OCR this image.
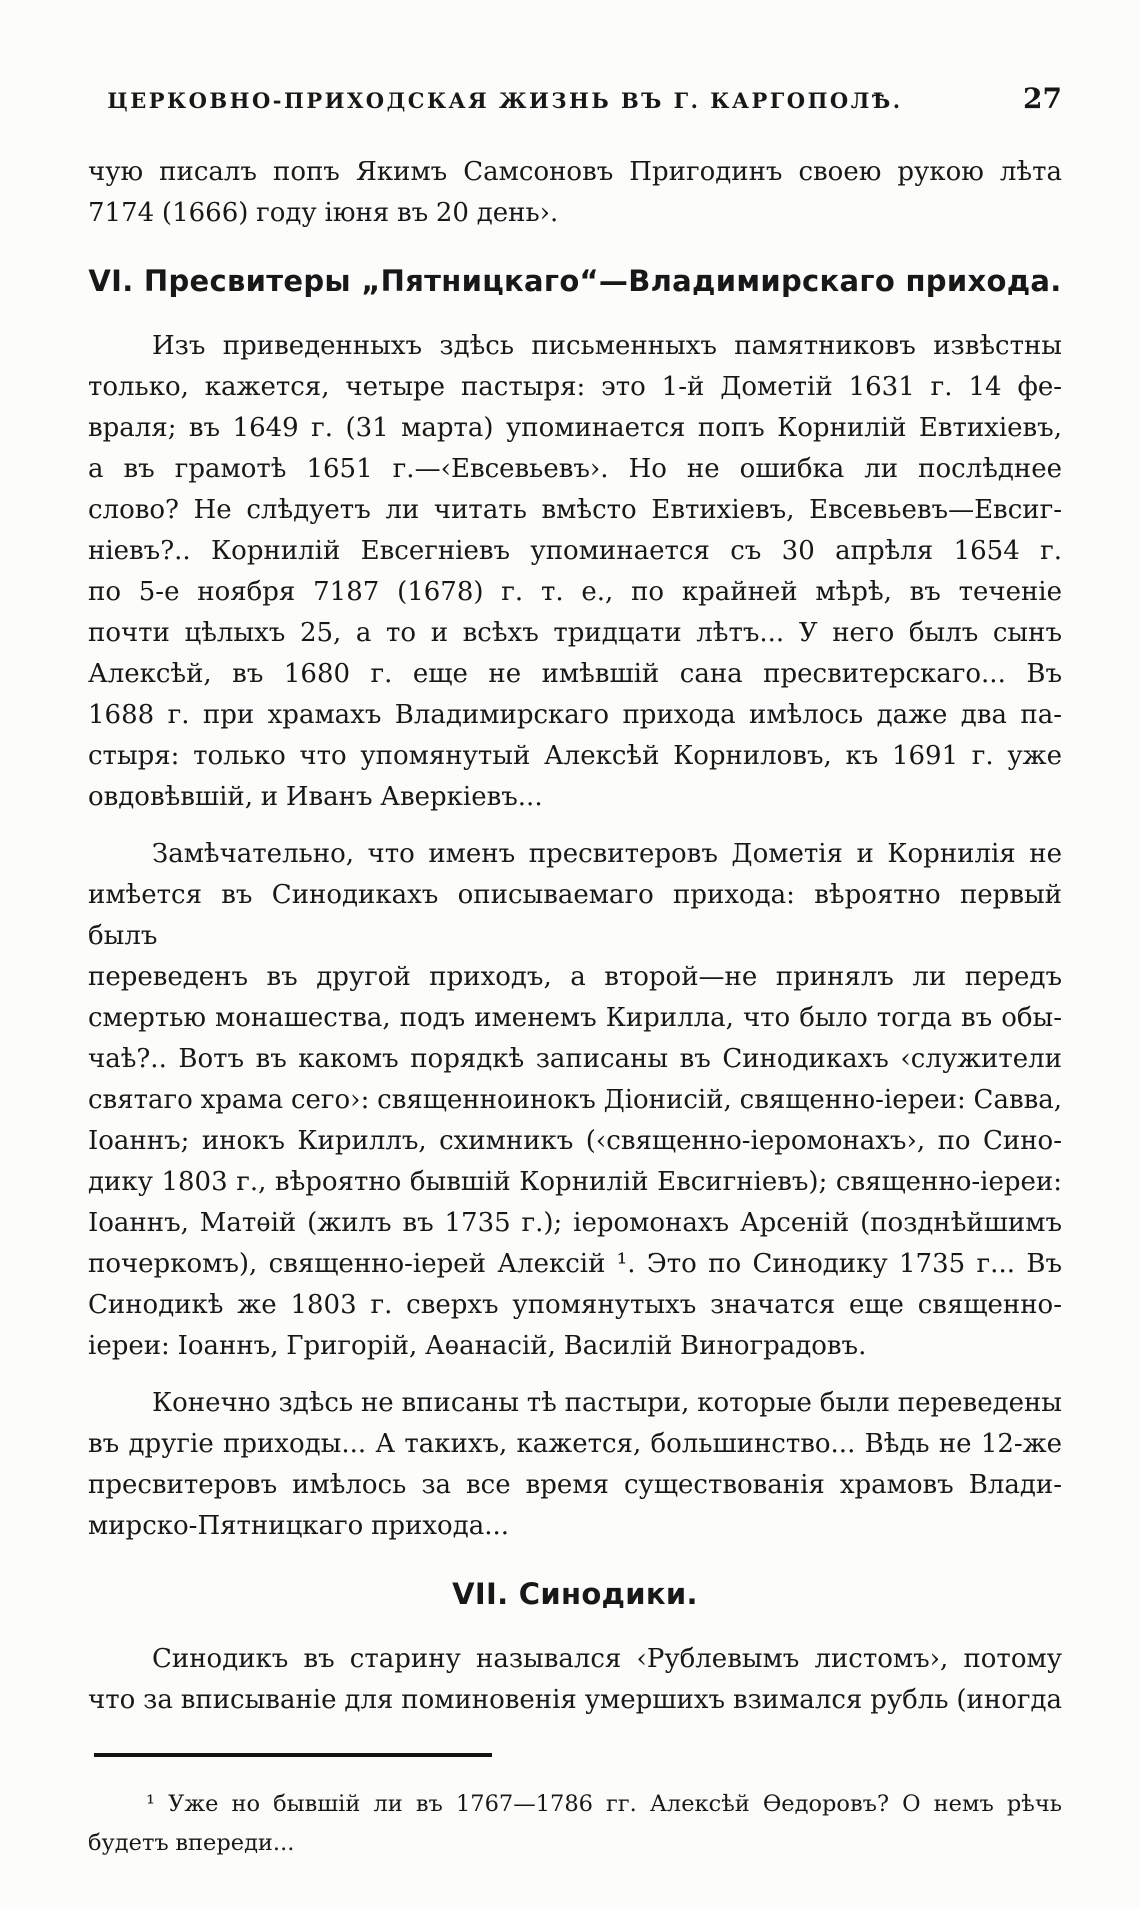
ЦЕРКОВНО-ПРИХОДСКАЯ ЖИЗНЬ ВЪ Г. КАРГОПОЛѢ.	27

чую писалъ попъ Якимъ Самсоновъ Пригодинъ своею рукою лѣта
7174 (1666) году іюня въ 20 день›.

VI. Пресвитеры „Пятницкаго“—Владимирскаго прихода.

Изъ приведенныхъ здѣсь письменныхъ памятниковъ извѣстны
только, кажется, четыре пастыря: это 1-й Дометій 1631 г. 14 фе-
враля; въ 1649 г. (31 марта) упоминается попъ Корнилій Евтихіевъ,
а въ грамотѣ 1651 г.—‹Евсевьевъ›. Но не ошибка ли послѣднее
слово? Не слѣдуетъ ли читать вмѣсто Евтихіевъ, Евсевьевъ—Евсиг-
ніевъ?.. Корнилій Евсегніевъ упоминается съ 30 апрѣля 1654 г.
по 5-е ноября 7187 (1678) г. т. е., по крайней мѣрѣ, въ теченіе
почти цѣлыхъ 25, а то и всѣхъ тридцати лѣтъ... У него былъ сынъ
Алексѣй, въ 1680 г. еще не имѣвшій сана пресвитерскаго... Въ
1688 г. при храмахъ Владимирскаго прихода имѣлось даже два па-
стыря: только что упомянутый Алексѣй Корниловъ, къ 1691 г. уже
овдовѣвшій, и Иванъ Аверкіевъ...

Замѣчательно, что именъ пресвитеровъ Дометія и Корнилія не
имѣется въ Синодикахъ описываемаго прихода: вѣроятно первый былъ
переведенъ въ другой приходъ, а второй—не принялъ ли передъ
смертью монашества, подъ именемъ Кирилла, что было тогда въ обы-
чаѣ?.. Вотъ въ какомъ порядкѣ записаны въ Синодикахъ ‹служители
святаго храма сего›: священноинокъ Діонисій, священно-іереи: Савва,
Іоаннъ; инокъ Кириллъ, схимникъ (‹священно-іеромонахъ›, по Сино-
дику 1803 г., вѣроятно бывшій Корнилій Евсигніевъ); священно-іереи:
Іоаннъ, Матѳій (жилъ въ 1735 г.); іеромонахъ Арсеній (позднѣйшимъ
почеркомъ), священно-іерей Алексій ¹. Это по Синодику 1735 г... Въ
Синодикѣ же 1803 г. сверхъ упомянутыхъ значатся еще священно-
іереи: Іоаннъ, Григорій, Аѳанасій, Василій Виноградовъ.

Конечно здѣсь не вписаны тѣ пастыри, которые были переведены
въ другіе приходы... А такихъ, кажется, большинство... Вѣдь не 12-же
пресвитеровъ имѣлось за все время существованія храмовъ Влади-
мирско-Пятницкаго прихода...

VII. Синодики.

Синодикъ въ старину назывался ‹Рублевымъ листомъ›, потому
что за вписываніе для поминовенія умершихъ взимался рубль (иногда

¹ Уже но бывшій ли въ 1767—1786 гг. Алексѣй Ѳедоровъ? О немъ рѣчь
будетъ впереди...
